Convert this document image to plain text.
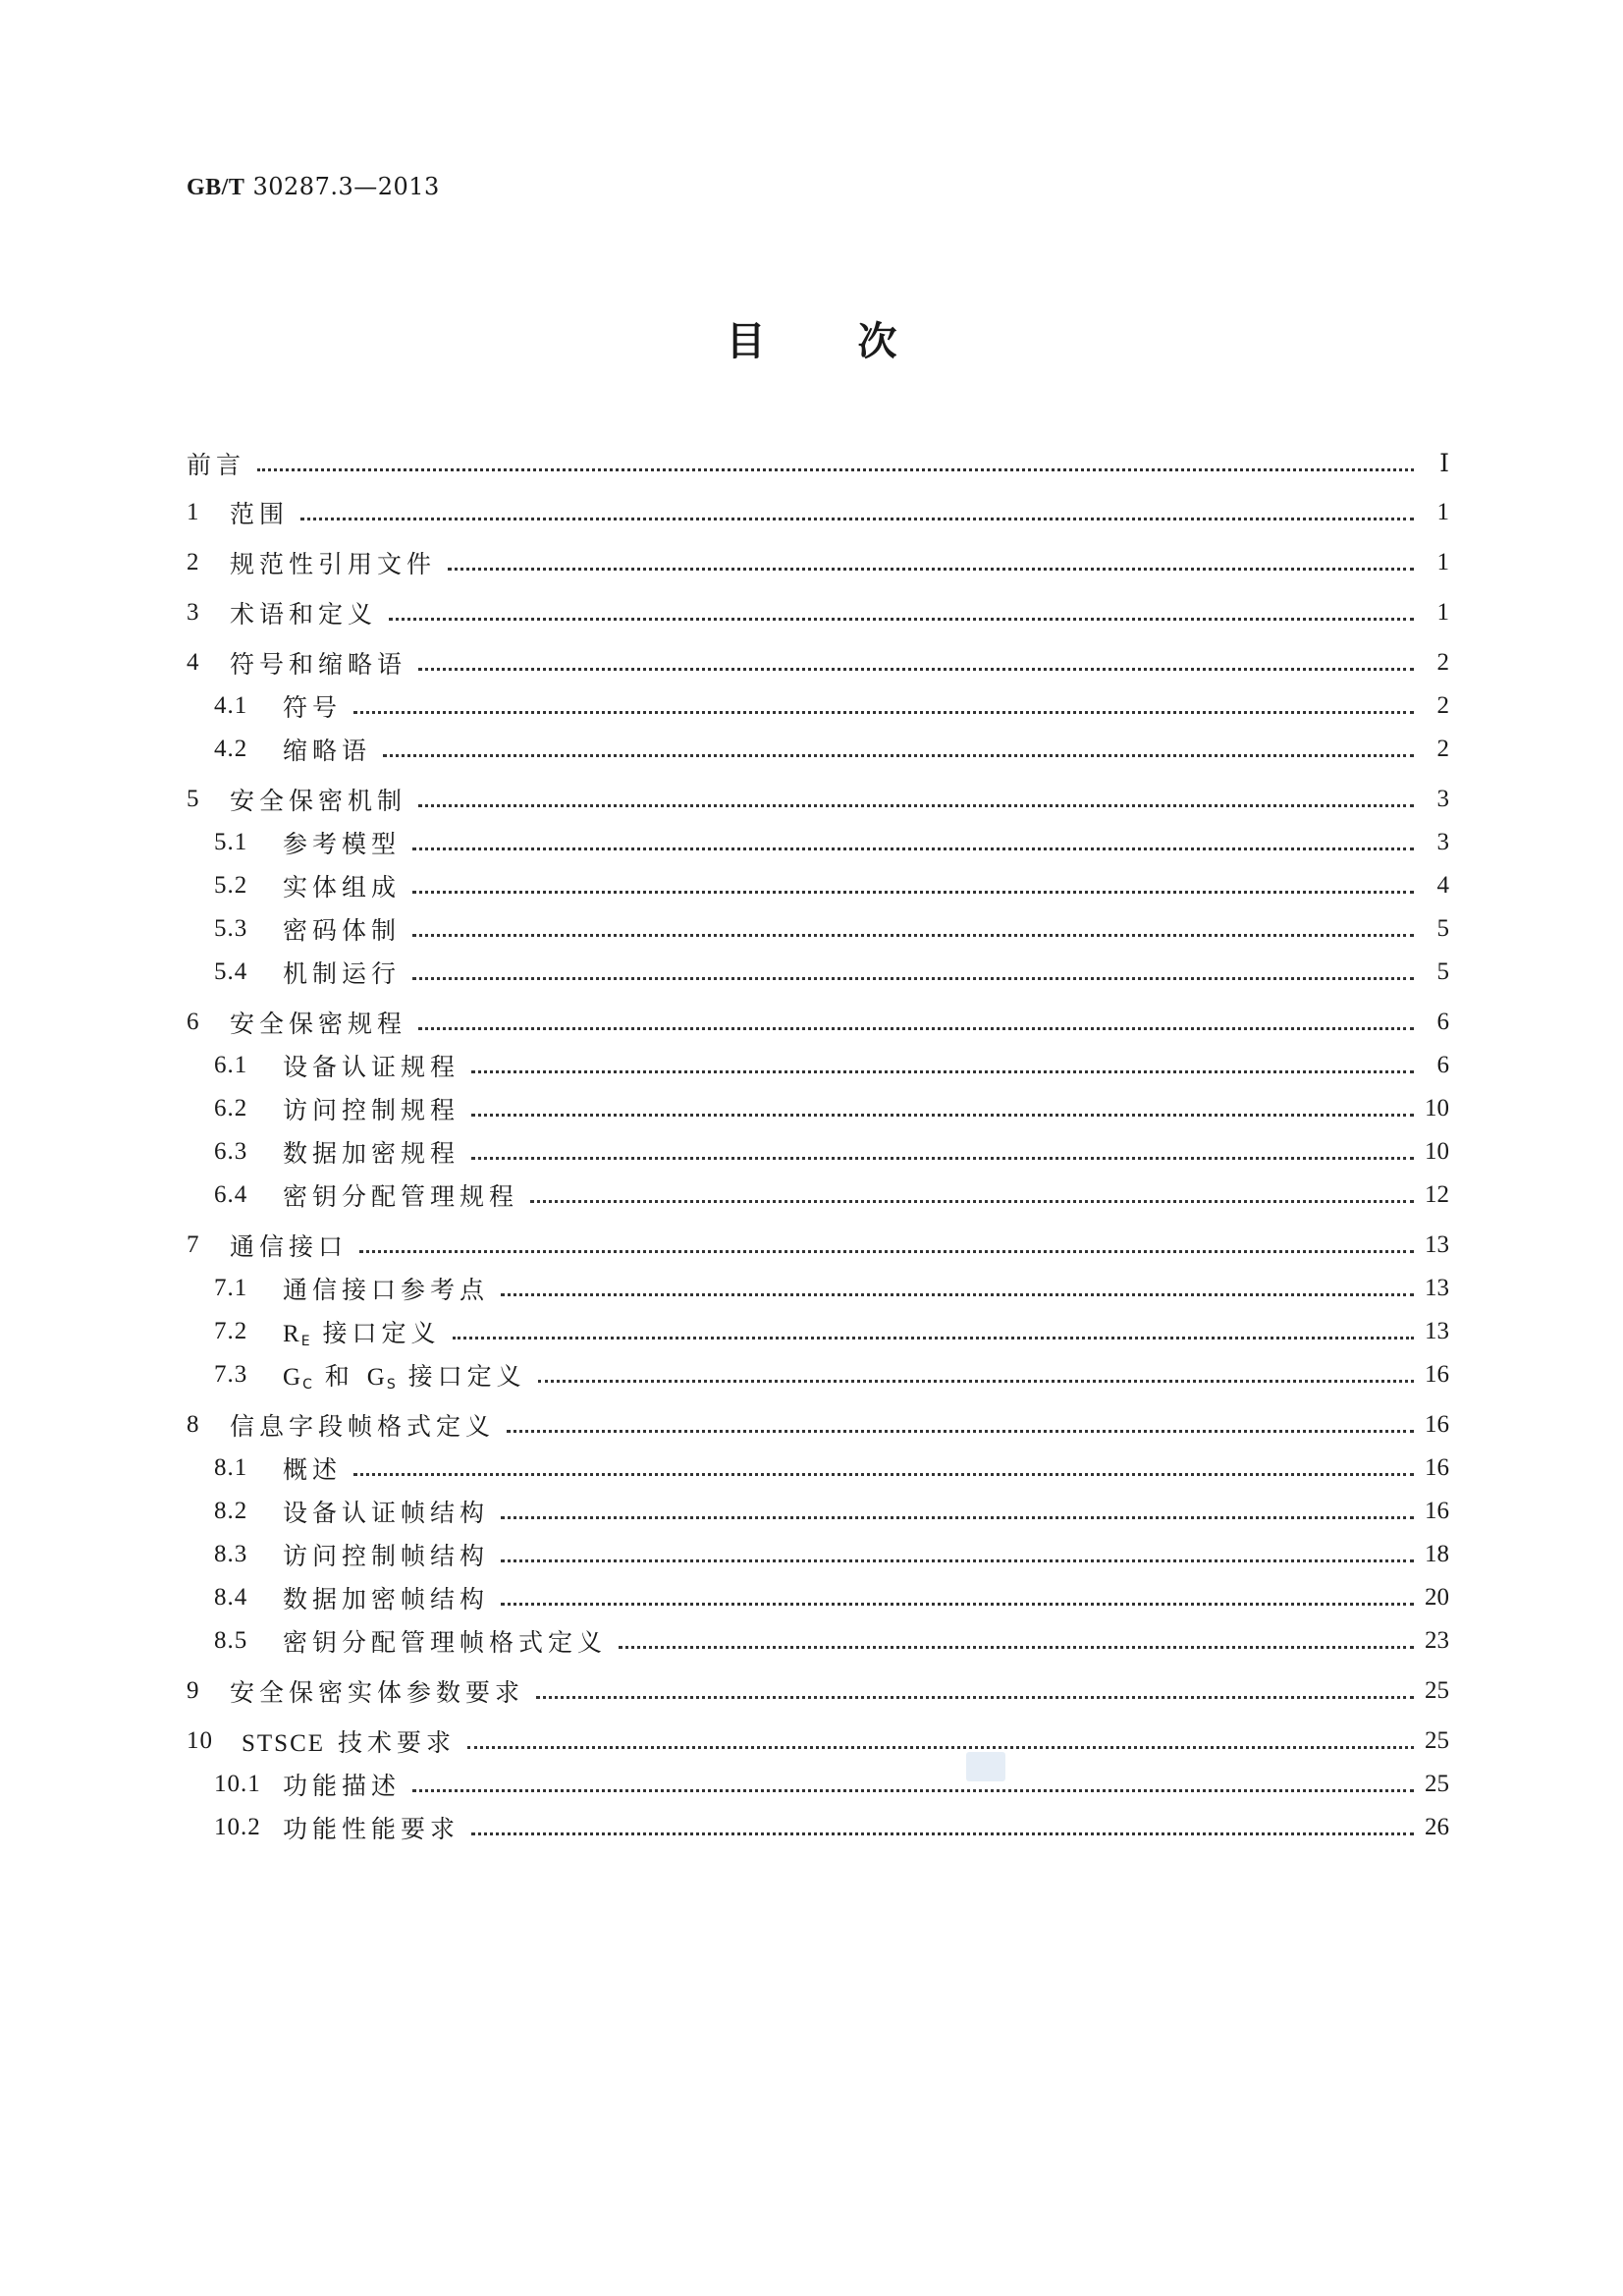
GB/T 30287.3—2013
目 次
前言	Ⅰ
1	范围	1
2	规范性引用文件	1
3	术语和定义	1
4	符号和缩略语	2
4.1	符号	2
4.2	缩略语	2
5	安全保密机制	3
5.1	参考模型	3
5.2	实体组成	4
5.3	密码体制	5
5.4	机制运行	5
6	安全保密规程	6
6.1	设备认证规程	6
6.2	访问控制规程	10
6.3	数据加密规程	10
6.4	密钥分配管理规程	12
7	通信接口	13
7.1	通信接口参考点	13
7.2	$R_E$ 接口定义	13
7.3	$G_C$ 和 $G_S$ 接口定义	16
8	信息字段帧格式定义	16
8.1	概述	16
8.2	设备认证帧结构	16
8.3	访问控制帧结构	18
8.4	数据加密帧结构	20
8.5	密钥分配管理帧格式定义	23
9	安全保密实体参数要求	25
10	STSCE 技术要求	25
10.1 功能描述	25
10.2 功能性能要求	26
